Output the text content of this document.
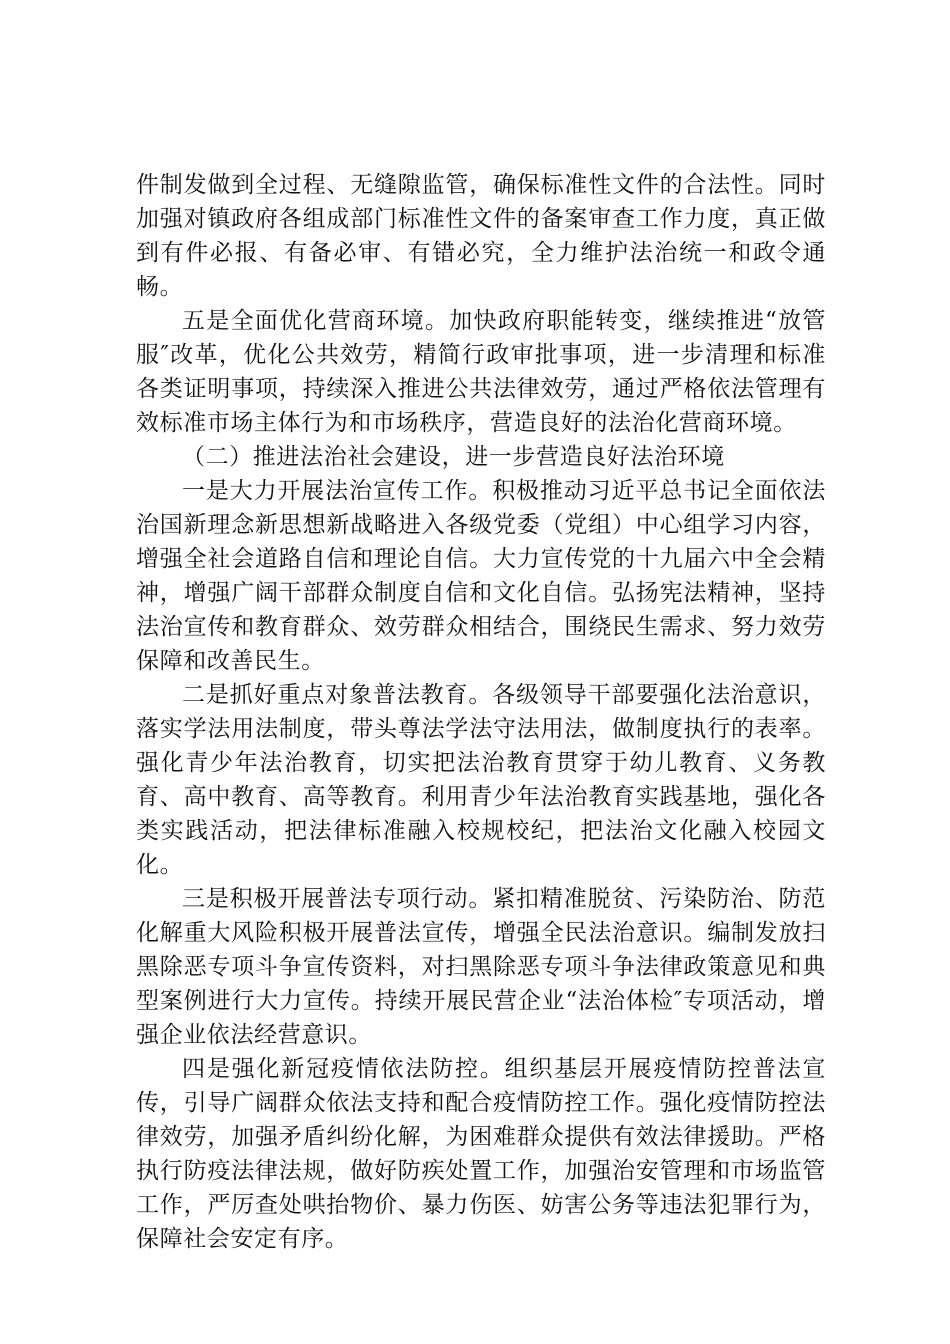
件制发做到全过程、无缝隙监管，确保标准性文件的合法性。同时加强对镇政府各组成部门标准性文件的备案审查工作力度，真正做到有件必报、有备必审、有错必究，全力维护法治统一和政令通畅。

五是全面优化营商环境。加快政府职能转变，继续推进“放管服″改革，优化公共效劳，精简行政审批事项，进一步清理和标准各类证明事项，持续深入推进公共法律效劳，通过严格依法管理有效标准市场主体行为和市场秩序，营造良好的法治化营商环境。

（二）推进法治社会建设，进一步营造良好法治环境

一是大力开展法治宣传工作。积极推动习近平总书记全面依法治国新理念新思想新战略进入各级党委（党组）中心组学习内容，增强全社会道路自信和理论自信。大力宣传党的十九届六中全会精神，增强广阔干部群众制度自信和文化自信。弘扬宪法精神，坚持法治宣传和教育群众、效劳群众相结合，围绕民生需求、努力效劳保障和改善民生。

二是抓好重点对象普法教育。各级领导干部要强化法治意识，落实学法用法制度，带头尊法学法守法用法，做制度执行的表率。强化青少年法治教育，切实把法治教育贯穿于幼儿教育、义务教育、高中教育、高等教育。利用青少年法治教育实践基地，强化各类实践活动，把法律标准融入校规校纪，把法治文化融入校园文化。

三是积极开展普法专项行动。紧扣精准脱贫、污染防治、防范化解重大风险积极开展普法宣传，增强全民法治意识。编制发放扫黑除恶专项斗争宣传资料，对扫黑除恶专项斗争法律政策意见和典型案例进行大力宣传。持续开展民营企业“法治体检″专项活动，增强企业依法经营意识。

四是强化新冠疫情依法防控。组织基层开展疫情防控普法宣传，引导广阔群众依法支持和配合疫情防控工作。强化疫情防控法律效劳，加强矛盾纠纷化解，为困难群众提供有效法律援助。严格执行防疫法律法规，做好防疾处置工作，加强治安管理和市场监管工作，严厉查处哄抬物价、暴力伤医、妨害公务等违法犯罪行为，保障社会安定有序。
